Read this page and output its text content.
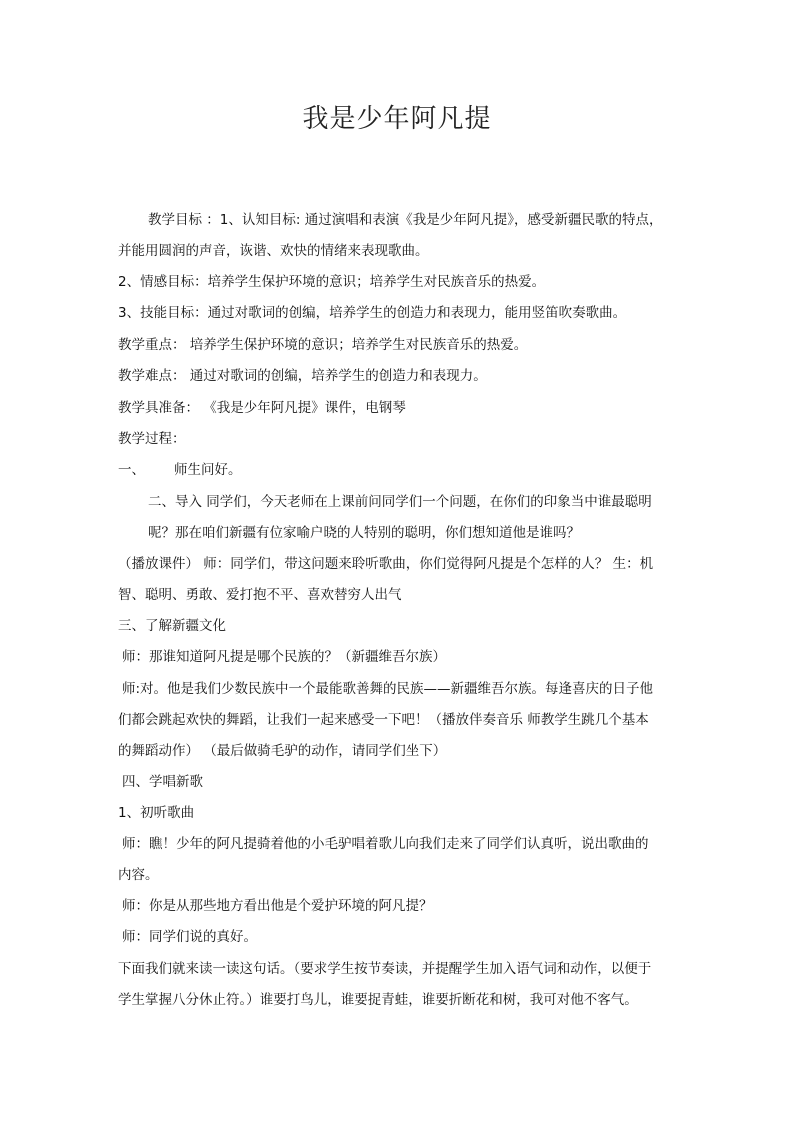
我是少年阿凡提
教学目标 ：1、认知目标: 通过演唱和表演《我是少年阿凡提》，感受新疆民歌的特点，
并能用圆润的声音，诙谐、欢快的情绪来表现歌曲。
2、情感目标：培养学生保护环境的意识；培养学生对民族音乐的热爱。
3、技能目标：通过对歌词的创编，培养学生的创造力和表现力，能用竖笛吹奏歌曲。
教学重点： 培养学生保护环境的意识；培养学生对民族音乐的热爱。
教学难点： 通过对歌词的创编，培养学生的创造力和表现力。
教学具准备： 《我是少年阿凡提》课件，电钢琴
教学过程：
一、	师生问好。
二、导入 同学们，今天老师在上课前问同学们一个问题，在你们的印象当中谁最聪明
呢？那在咱们新疆有位家喻户晓的人特别的聪明，你们想知道他是谁吗？
（播放课件） 师：同学们，带这问题来聆听歌曲，你们觉得阿凡提是个怎样的人？ 生：机
智、聪明、勇敢、爱打抱不平、喜欢替穷人出气
三、了解新疆文化
师：那谁知道阿凡提是哪个民族的？（新疆维吾尔族）
师:对。他是我们少数民族中一个最能歌善舞的民族——新疆维吾尔族。每逢喜庆的日子他
们都会跳起欢快的舞蹈，让我们一起来感受一下吧！（播放伴奏音乐 师教学生跳几个基本
的舞蹈动作） （最后做骑毛驴的动作，请同学们坐下）
四、学唱新歌
1、初听歌曲
师：瞧！少年的阿凡提骑着他的小毛驴唱着歌儿向我们走来了同学们认真听，说出歌曲的
内容。
师：你是从那些地方看出他是个爱护环境的阿凡提？
师：同学们说的真好。
下面我们就来读一读这句话。（要求学生按节奏读，并提醒学生加入语气词和动作，以便于
学生掌握八分休止符。）谁要打鸟儿，谁要捉青蛙，谁要折断花和树，我可对他不客气。
